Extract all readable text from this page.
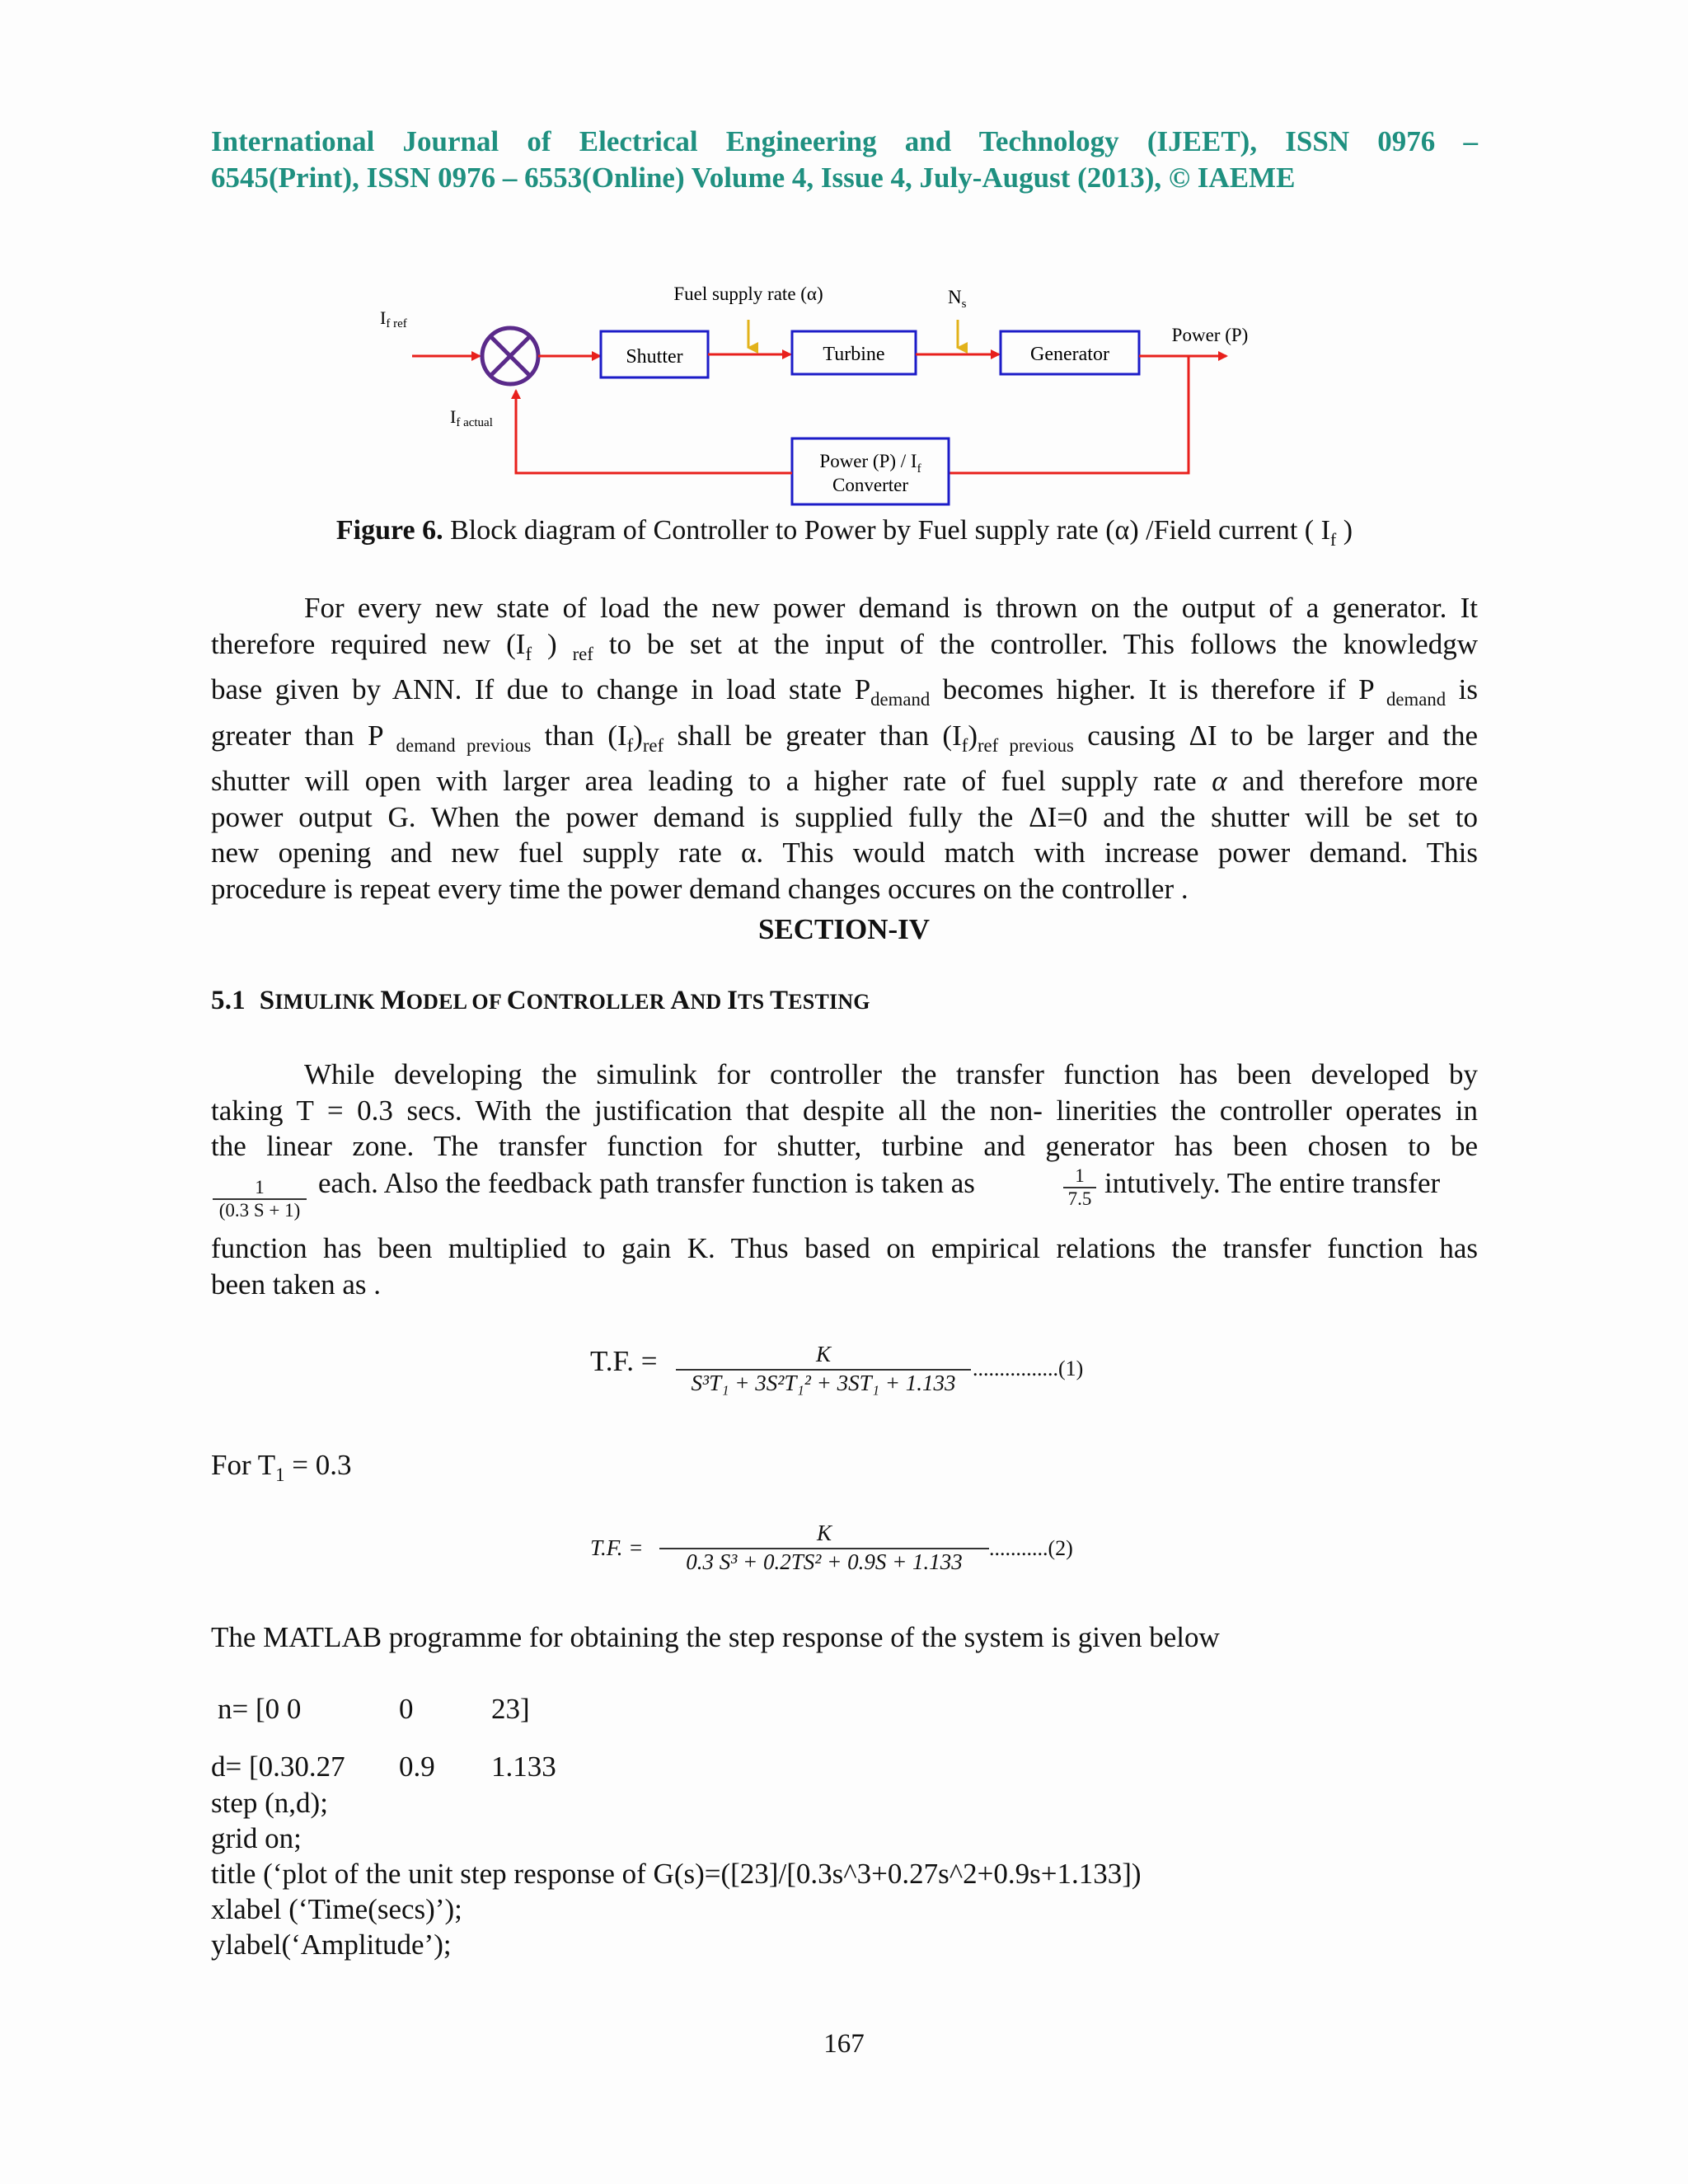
International Journal of Electrical Engineering and Technology (IJEET), ISSN 0976 –
6545(Print), ISSN 0976 – 6553(Online) Volume 4, Issue 4, July-August (2013), © IAEME
Shutter	Turbine	Generator
Power $(P) / I_f$
Converter
Fuel supply rate (α)	$N_s$
Power (P)
If ref
If actual
Figure 6. Block diagram of Controller to Power by Fuel supply rate (α) /Field current ( $I_f$ )
For every new state of load the new power demand is thrown on the output of a generator. It
therefore required new ($I_f$ ) $_{ref}$ to be set at the input of the controller. This follows the knowledgw
base given by ANN. If due to change in load state $P_{demand}$ becomes higher. It is therefore if P $_{demand}$ is
greater than P $_{demand previous}$ than $(I_f)_{ref}$ shall be greater than $(I_f)_{ref previous}$ causing ΔI to be larger and the
shutter will open with larger area leading to a higher rate of fuel supply rate α and therefore more
power output G. When the power demand is supplied fully the ΔI=0 and the shutter will be set to
new opening and new fuel supply rate α. This would match with increase power demand. This
procedure is repeat every time the power demand changes occures on the controller .
SECTION-IV
5.1 SIMULINK MODEL OF CONTROLLER AND ITS TESTING
While developing the simulink for controller the transfer function has been developed by
taking T = 0.3 secs. With the justification that despite all the non- linerities the controller operates in
the linear zone. The transfer function for shutter, turbine and generator has been chosen to be
$\frac{1}{(0.3 S + 1)}$ each. Also the feedback path transfer function is taken as	$\frac{1}{7.5}$ intutively. The entire transfer
function has been multiplied to gain K. Thus based on empirical relations the transfer function has
been taken as .
T.F. = $\frac{K}{\text{S³T₁ + 3S²T₁² + 3ST₁ + 1.133}} ................(1)$
For $T_1 = 0.3$
T.F. = $\frac{K}{\text{0.3 S³ + 0.2TS² + 0.9S + 1.133}} ...........(2)$
The MATLAB programme for obtaining the step response of the system is given below
n= [0 0	0	23]
d= [0.30.27 0.9 1.133
step (n,d);
grid on;
title (‘plot of the unit step response of G(s)=([23]/[0.3s^3+0.27s^2+0.9s+1.133])
xlabel (‘Time(secs)’);
ylabel(‘Amplitude’);
167
